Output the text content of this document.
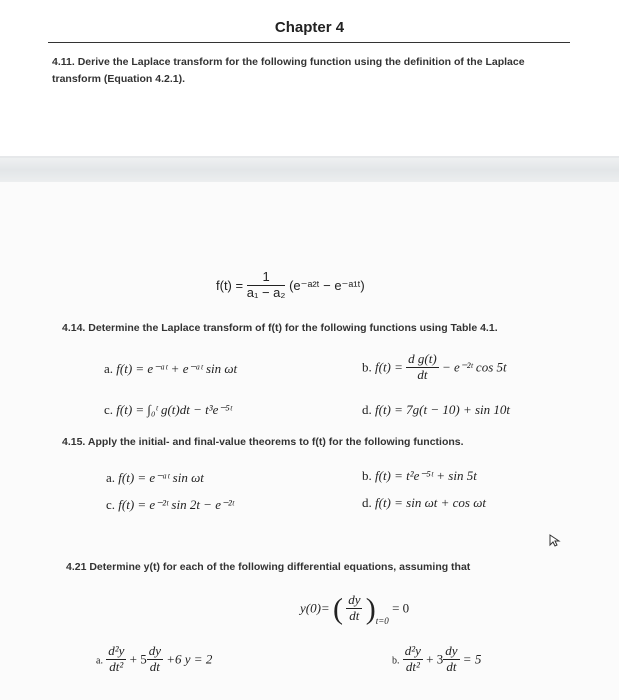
Chapter 4
4.11. Derive the Laplace transform for the following function using the definition of the Laplace
transform (Equation 4.2.1).
$f(t) = \frac{1}{\text{a₁ − a₂}}$ (e⁻ᵃ²ᵗ − e⁻ᵃ¹ᵗ)
4.14. Determine the Laplace transform of f(t) for the following functions using Table 4.1.
a. f(t) = e⁻ᵃᵗ + e⁻ᵃᵗ sin ωt	b. $f(t) = \frac{\text{d g(t)}}{dt}$ − e⁻²ᵗ cos 5t
c. f(t) = ∫₀ᵗ g(t)dt − t³e⁻⁵ᵗ	d. f(t) = 7g(t − 10) + sin 10t
4.15. Apply the initial- and final-value theorems to f(t) for the following functions.
a. f(t) = e⁻ᵃᵗ sin ωt	b. f(t) = t²e⁻⁵ᵗ + sin 5t
c. f(t) = e⁻²ᵗ sin 2t − e⁻²ᵗ	d. f(t) = sin ωt + cos ωt
4.21 Determine y(t) for each of the following differential equations, assuming that
y(0)= ( $\frac{dy}{dt} )_{t=0} = 0$
a. $\frac{\text{d²y}}{\text{dt²}} + 5 \frac{dy}{dt} +6$ y = 2	b. $\frac{\text{d²y}}{\text{dt²}} + 3 \frac{dy}{dt} = 5$
